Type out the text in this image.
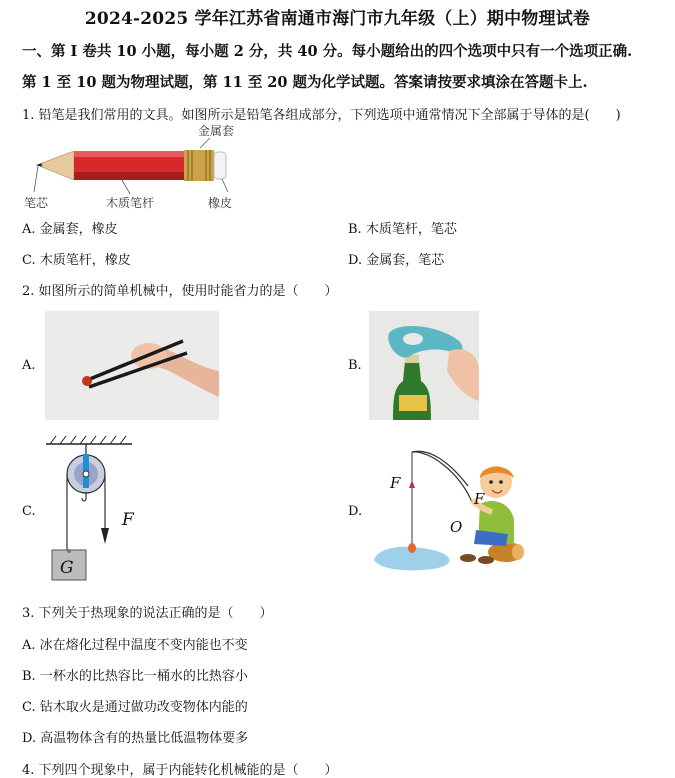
2024-2025 学年江苏省南通市海门市九年级（上）期中物理试卷
一、第 I 卷共 10 小题，每小题 2 分，共 40 分。每小题给出的四个选项中只有一个选项正确.
第 1 至 10 题为物理试题，第 11 至 20 题为化学试题。答案请按要求填涂在答题卡上.
1. 铅笔是我们常用的文具。如图所示是铅笔各组成部分，下列选项中通常情况下全部属于导体的是(　　)
金属套
笔芯	木质笔杆	橡皮
A. 金属套，橡皮	B. 木质笔杆，笔芯
C. 木质笔杆，橡皮	D. 金属套，笔芯
2. 如图所示的简单机械中，使用时能省力的是（　　）
A.	B.
C.	F
G
D.
F
F
O
3. 下列关于热现象的说法正确的是（　　）
A. 冰在熔化过程中温度不变内能也不变
B. 一杯水的比热容比一桶水的比热容小
C. 钻木取火是通过做功改变物体内能的
D. 高温物体含有的热量比低温物体要多
4. 下列四个现象中，属于内能转化机械能的是（　　）
